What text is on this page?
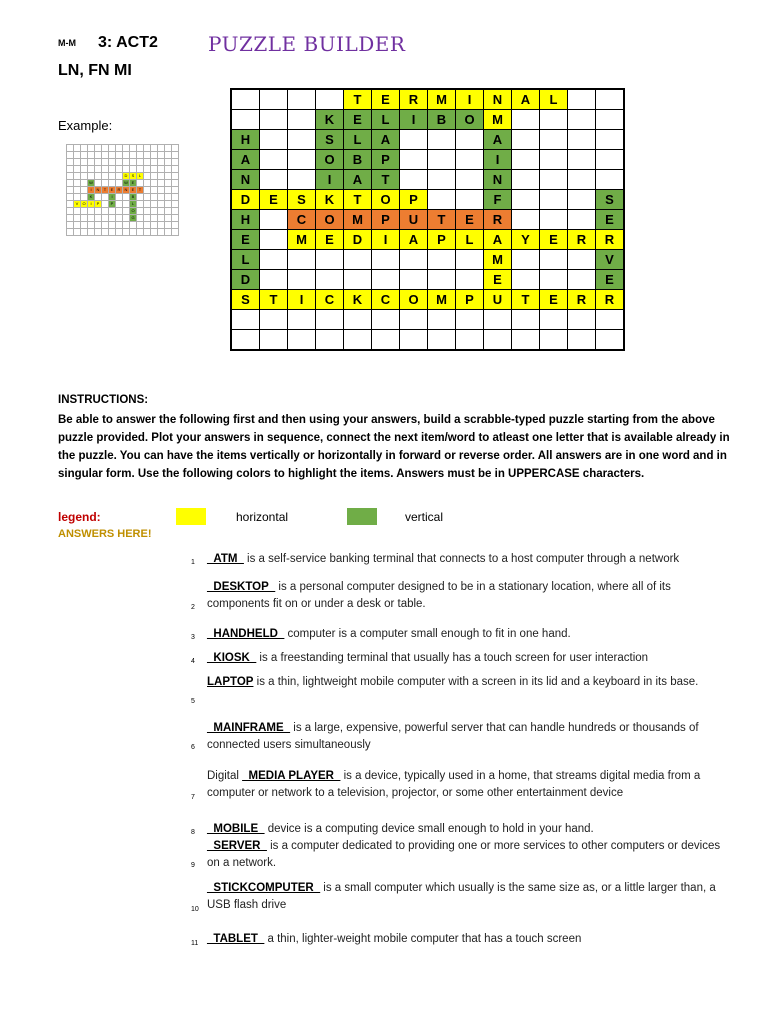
M-M 3: ACT2	PUZZLE BUILDER
LN, FN MI
Example:

								D	S	L					
			W					W	E						
			I	N	T	E	R	N	E	T					
			K			I			B						
	V	O	I	P		P			L						
									O						
									G						

				T	E	R	M	I	N	A	L		
			K	E	L	I	B	O	M				
H			S	L	A				A				
A			O	B	P				I				
N			I	A	T				N				
D	E	S	K	T	O	P			F				S
H		C	O	M	P	U	T	E	R				E
E		M	E	D	I	A	P	L	A	Y	E	R	R
L									M				V
D									E				E
S	T	I	C	K	C	O	M	P	U	T	E	R	R

INSTRUCTIONS:
Be able to answer the following first and then using your answers, build a scrabble-typed puzzle starting from the above puzzle provided. Plot your answers in sequence, connect the next item/word to atleast one letter that is available already in the puzzle. You can have the items vertically or horizontally in forward or reverse order. All answers are in one word and in singular form. Use the following colors to highlight the items. Answers must be in UPPERCASE characters.
legend:	horizontal	vertical
ANSWERS HERE!
1 _ATM_ is a self-service banking terminal that connects to a host computer through a network
2
_DESKTOP_ is a personal computer designed to be in a stationary location, where all of its components fit on or under a desk or table.
3 _HANDHELD_ computer is a computer small enough to fit in one hand.
4 _KIOSK_ is a freestanding terminal that usually has a touch screen for user interaction
5
LAPTOP is a thin, lightweight mobile computer with a screen in its lid and a keyboard in its base.
6
_MAINFRAME_ is a large, expensive, powerful server that can handle hundreds or thousands of connected users simultaneously
7
Digital _MEDIA PLAYER_ is a device, typically used in a home, that streams digital media from a computer or network to a television, projector, or some other entertainment device
8 _MOBILE_ device is a computing device small enough to hold in your hand.
9
_SERVER_ is a computer dedicated to providing one or more services to other computers or devices on a network.
10
_STICKCOMPUTER_ is a small computer which usually is the same size as, or a little larger than, a USB flash drive
11 _TABLET_ a thin, lighter-weight mobile computer that has a touch screen
